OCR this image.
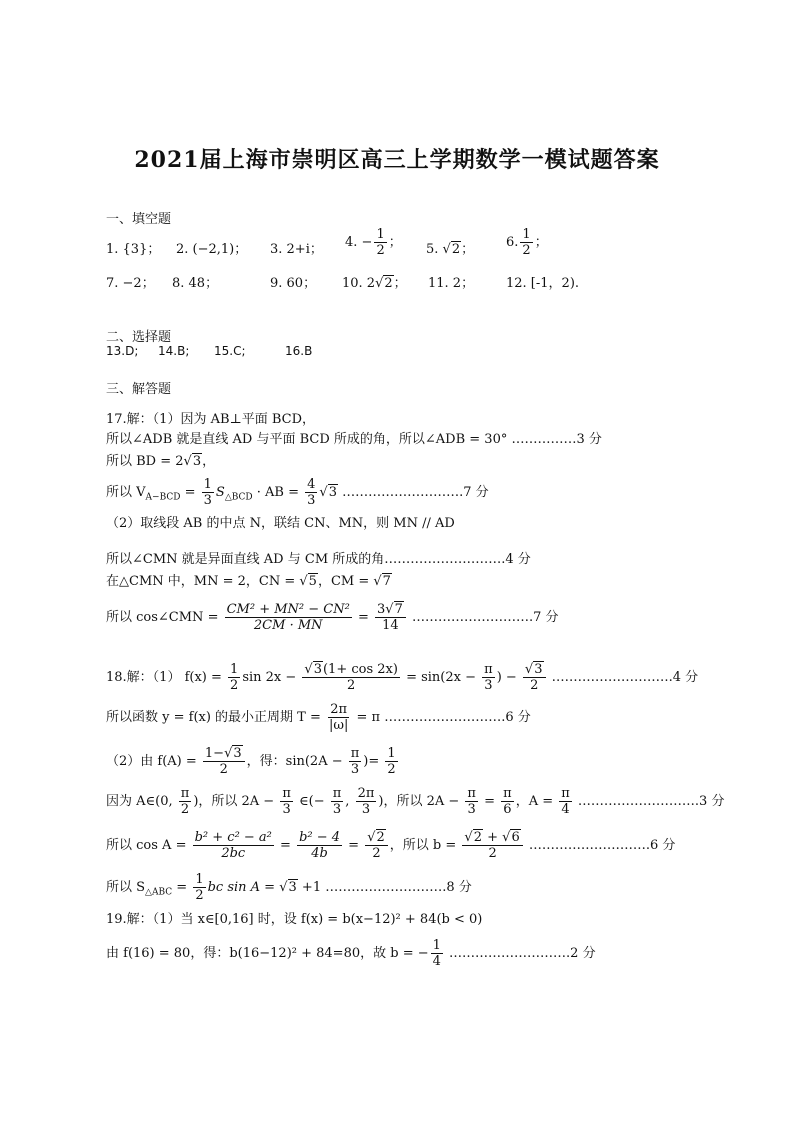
2021届上海市崇明区高三上学期数学一模试题答案
一、填空题
1. {3}； 2. (−2,1)； 3. 2+i； 4. − $\frac{1}{2}$ ； 5. √2； 6. $\frac{1}{2}$ ；
7. −2； 8. 48；	9. 60； 10. 2√2； 11. 2； 12. [-1，2).
二、选择题
13.D; 14.B; 15.C;	16.B
三、解答题
17.解：（1）因为 AB⊥平面 BCD，
所以∠ADB 就是直线 AD 与平面 BCD 所成的角，所以∠ADB = 30° ……………3 分
所以 BD = 2√3，
所以 $V_{A-BCD} = \frac{1}{3} S_{\triangle BCD}$ · AB = $\frac{4}{3} √3$ ……………………….7 分
（2）取线段 AB 的中点 N，联结 CN、MN，则 MN // AD
所以∠CMN 就是异面直线 AD 与 CM 所成的角……………………….4 分
在△CMN 中，MN = 2，CN = √5，CM = √7
所以 cos∠CMN = $\frac{\text{CM² + MN² − CN²}}{2CM \cdot MN} = \frac{3√7}{14}$ ……………………….7 分
18.解：（1） $f(x) = \frac{1}{2}$ $\sin 2x - \frac{√3(1+ \cos 2x)}{2} = \sin(2x - \frac{\pi}{3}$ ) − $\frac{√3}{2}$ ……………………….4 分
所以函数 y = f(x) 的最小正周期 $T = \frac{2\pi}{|\omega|} = \pi$ ……………………….6 分
（2）由 $f(A) = \frac{1-√3}{2}$ ，得：$\sin(2A - \frac{\pi}{3}$ )= $\frac{1}{2}$
因为 A∈(0, $\frac{\pi}{2}$ )，所以 $2A - \frac{\pi}{3}$ ∈(− $\frac{\pi}{3}$ , $\frac{2\pi}{3}$ )，所以 $2A - \frac{\pi}{3} = \frac{\pi}{6}$ ，$A = \frac{\pi}{4}$ ……………………….3 分
所以 $\cos A = \frac{\text{b² + c² − a²}}{2bc} = \frac{\text{b² − 4}}{4b} = \frac{√2}{2}$ ，所以 $b = \frac{√2 + √6}{2}$ ……………………….6 分
所以 $S_{\triangle ABC} = \frac{1}{2}$ bc sin A = √3 +1 ……………………….8 分
19.解：（1）当 x∈[0,16] 时，设 f(x) = b(x−12)² + 84(b < 0)
由 f(16) = 80，得：b(16−12)² + 84=80，故 b = − $\frac{1}{4}$ ……………………….2 分
